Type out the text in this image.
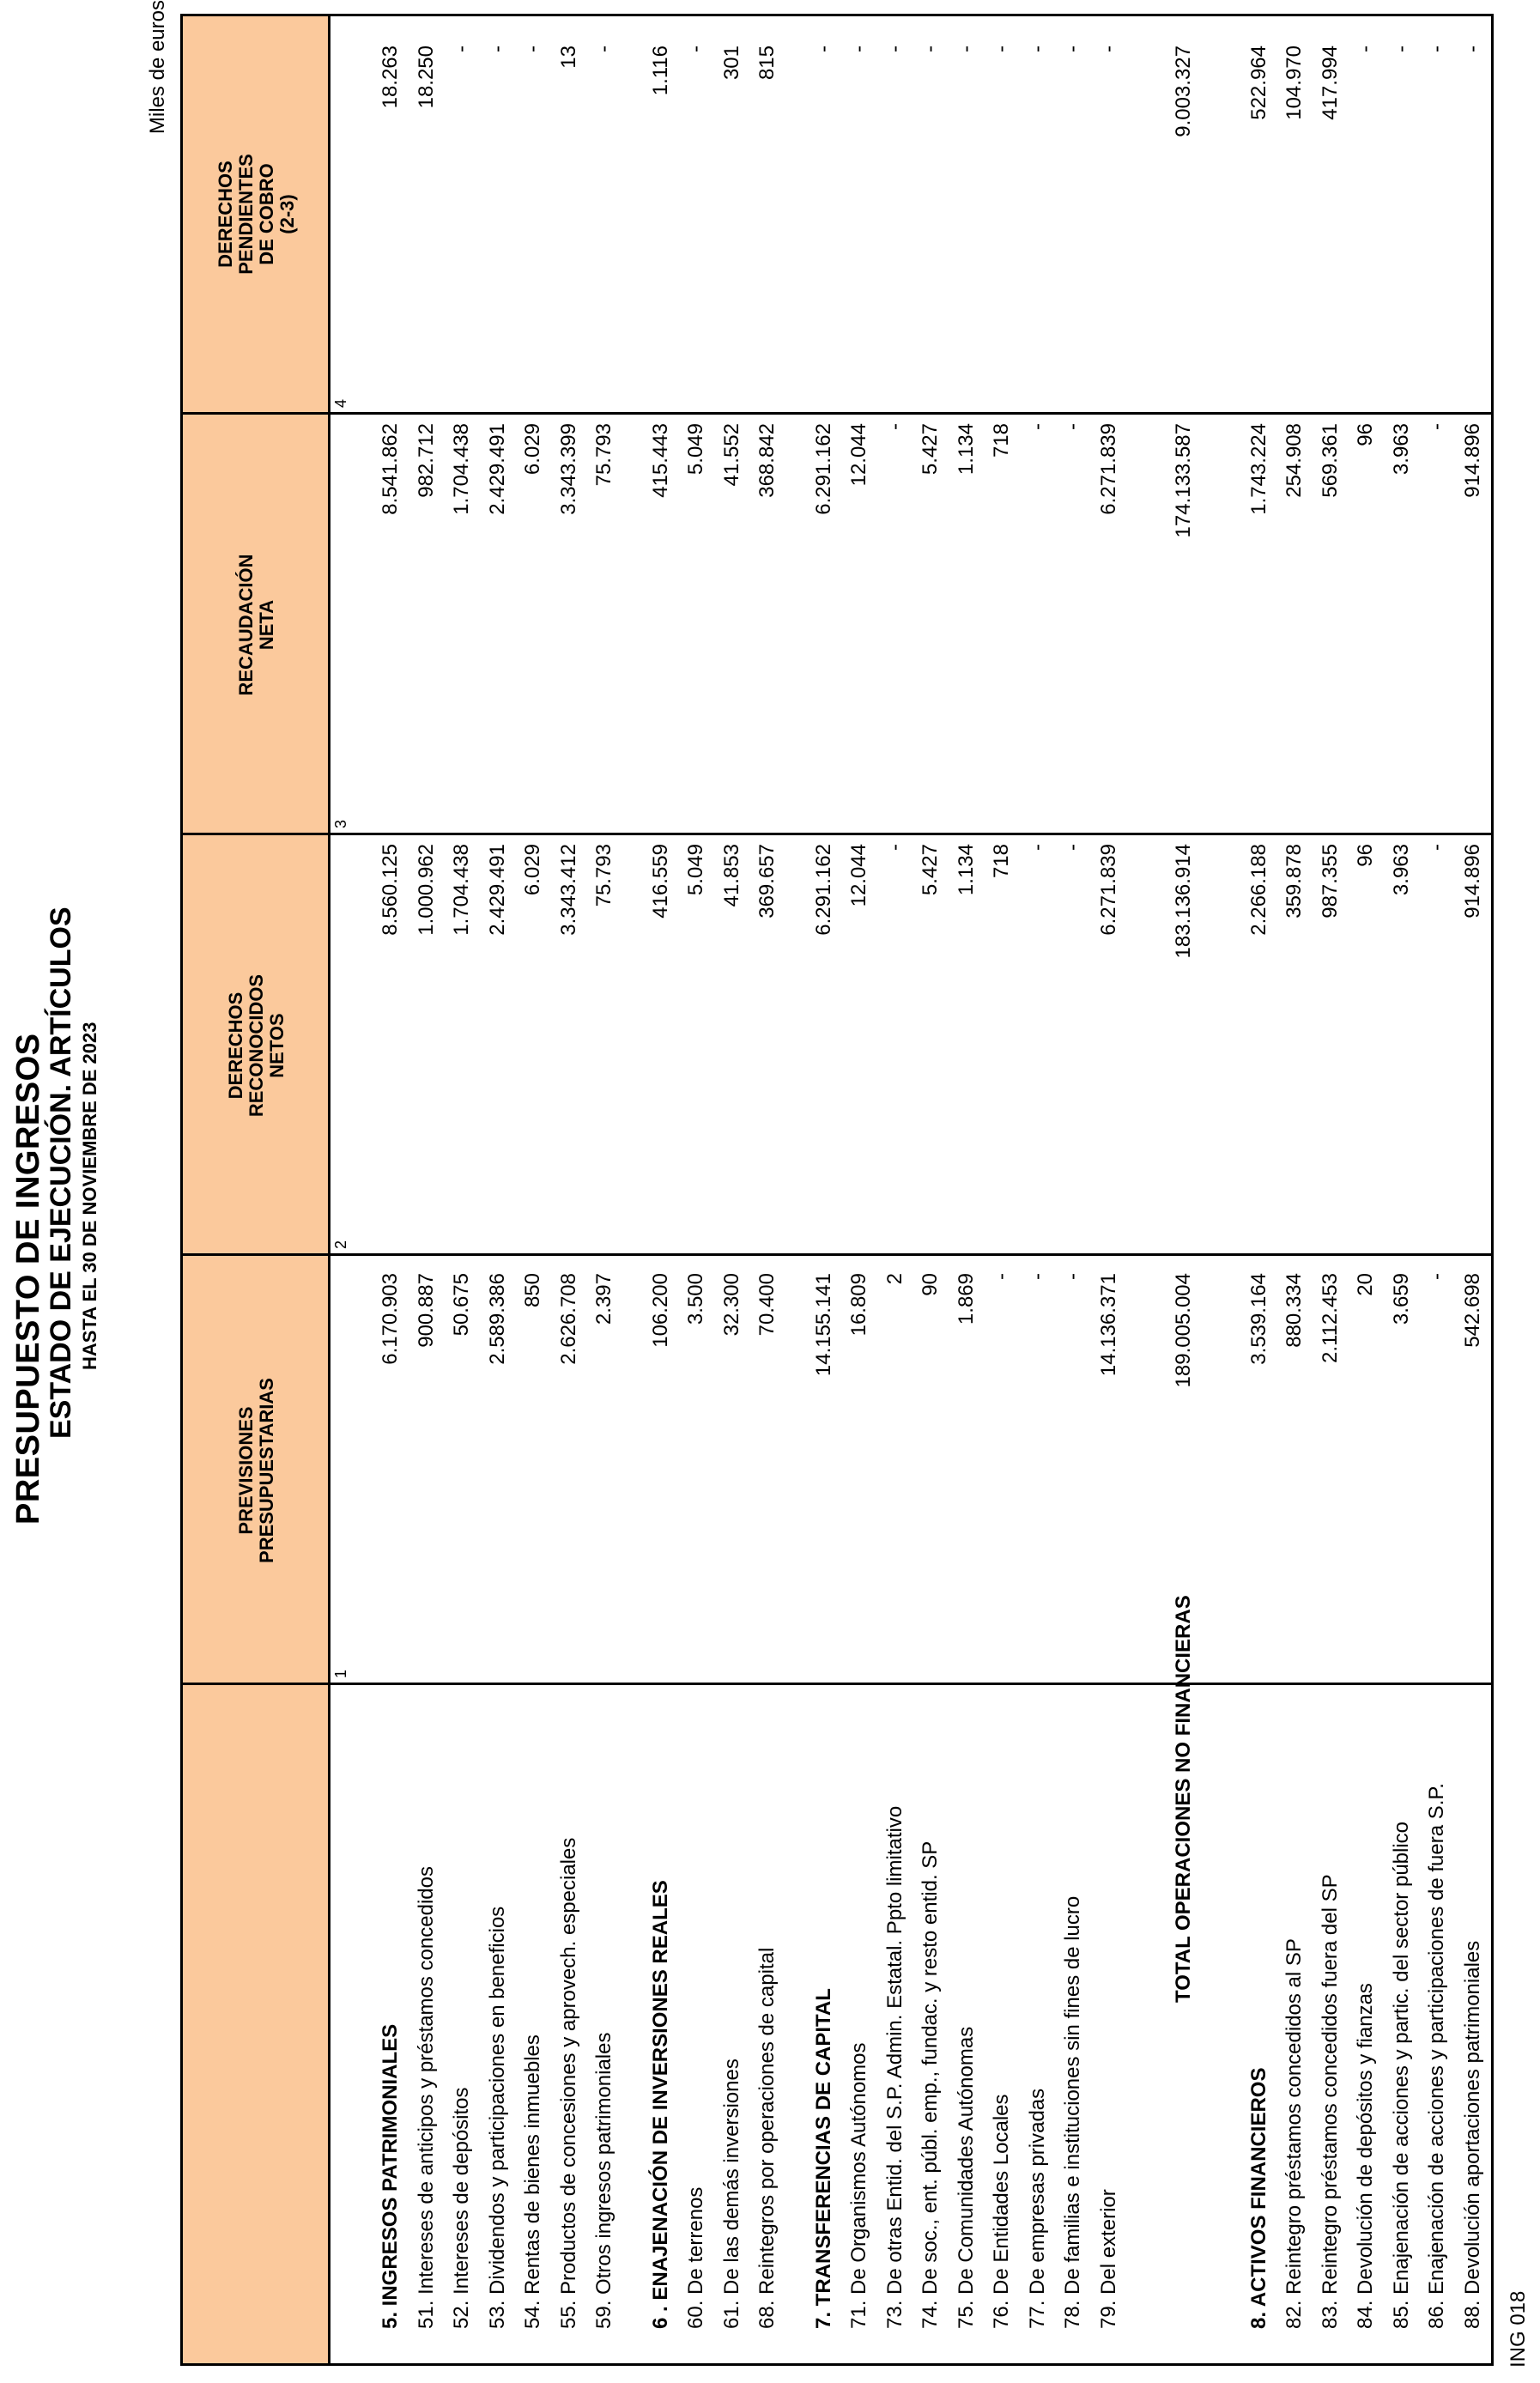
PRESUPUESTO DE INGRESOS
ESTADO DE EJECUCIÓN. ARTÍCULOS HASTA EL 30 DE NOVIEMBRE DE 2023
Miles de euros
PREVISIONES
PRESUPUESTARIAS
1
DERECHOS
RECONOCIDOS
NETOS
2
RECAUDACIÓN
NETA
3
DERECHOS
PENDIENTES
DE COBRO
(2-3)
4
5. INGRESOS PATRIMONIALES
6.170.903
8.560.125
8.541.862
18.263
51. Intereses de anticipos y préstamos concedidos
900.887
1.000.962
982.712
18.250
52. Intereses de depósitos
50.675
1.704.438
1.704.438
-
53. Dividendos y participaciones en beneficios
2.589.386
2.429.491
2.429.491
-
54. Rentas de bienes inmuebles
850
6.029
6.029
-
55. Productos de concesiones y aprovech. especiales
2.626.708
3.343.412
3.343.399
13
59. Otros ingresos patrimoniales
2.397
75.793
75.793
-
6 . ENAJENACIÓN DE INVERSIONES REALES
106.200
416.559
415.443
1.116
60. De terrenos
3.500
5.049
5.049
-
61. De las demás inversiones
32.300
41.853
41.552
301
68. Reintegros por operaciones de capital
70.400
369.657
368.842
815
7. TRANSFERENCIAS DE CAPITAL
14.155.141
6.291.162
6.291.162
-
71. De Organismos Autónomos
16.809
12.044
12.044
-
73. De otras Entid. del S.P. Admin. Estatal. Ppto limitativo
2
-
-
-
74. De soc., ent. públ. emp., fundac. y resto entid. SP
90
5.427
5.427
-
75. De Comunidades Autónomas
1.869
1.134
1.134
-
76. De Entidades Locales
-
718
718
-
77. De empresas privadas
-
-
-
-
78. De familias e instituciones sin fines de lucro
-
-
-
-
79. Del exterior
14.136.371
6.271.839
6.271.839
-
TOTAL OPERACIONES NO FINANCIERAS
189.005.004
183.136.914
174.133.587
9.003.327
8. ACTIVOS FINANCIEROS
3.539.164
2.266.188
1.743.224
522.964
82. Reintegro préstamos concedidos al SP
880.334
359.878
254.908
104.970
83. Reintegro préstamos concedidos fuera del SP
2.112.453
987.355
569.361
417.994
84. Devolución de depósitos y fianzas
20
96
96
-
85. Enajenación de acciones y partic. del sector público
3.659
3.963
3.963
-
86. Enajenación de acciones y participaciones de fuera S.P.
-
-
-
-
88. Devolución aportaciones patrimoniales
542.698
914.896
914.896
-
ING 018
